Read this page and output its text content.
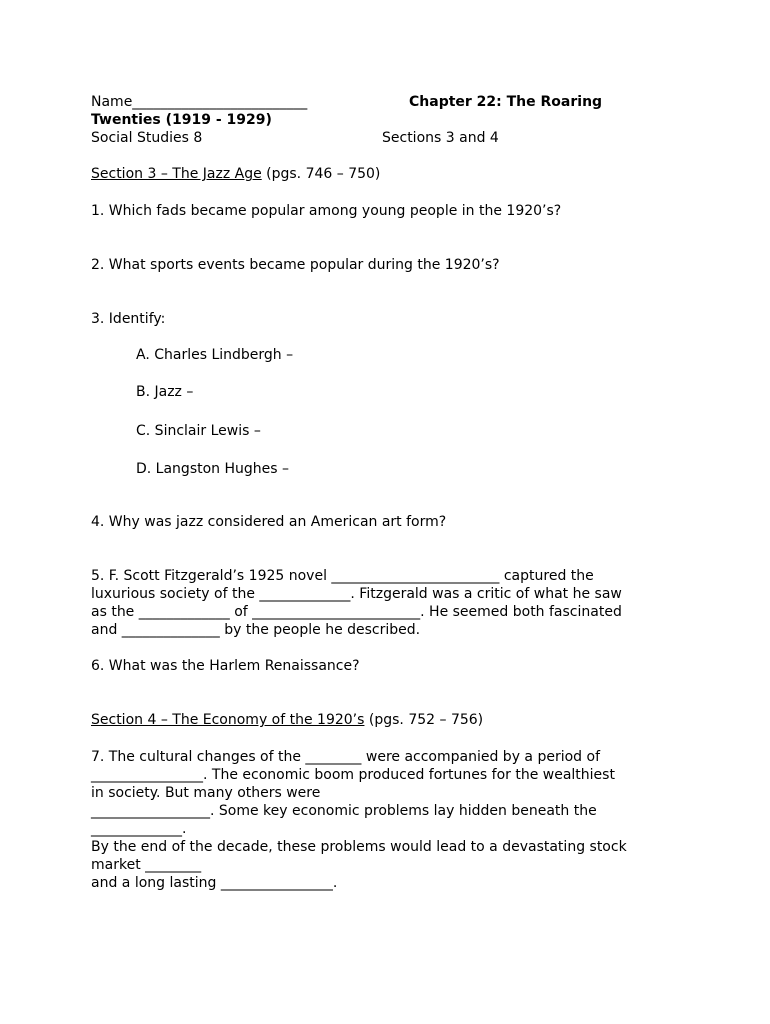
Name_________________________	Chapter 22: The Roaring
Twenties (1919 - 1929)
Social Studies 8	Sections 3 and 4
Section 3 – The Jazz Age (pgs. 746 – 750)
1. Which fads became popular among young people in the 1920’s?
2. What sports events became popular during the 1920’s?
3. Identify:
A. Charles Lindbergh –
B. Jazz –
C. Sinclair Lewis –
D. Langston Hughes –
4. Why was jazz considered an American art form?
5. F. Scott Fitzgerald’s 1925 novel ________________________ captured the
luxurious society of the _____________. Fitzgerald was a critic of what he saw
as the _____________ of ________________________. He seemed both fascinated
and ______________ by the people he described.
6. What was the Harlem Renaissance?
Section 4 – The Economy of the 1920’s (pgs. 752 – 756)
7. The cultural changes of the ________ were accompanied by a period of
________________. The economic boom produced fortunes for the wealthiest
in society. But many others were
_________________. Some key economic problems lay hidden beneath the
_____________.
By the end of the decade, these problems would lead to a devastating stock
market ________
and a long lasting ________________.
